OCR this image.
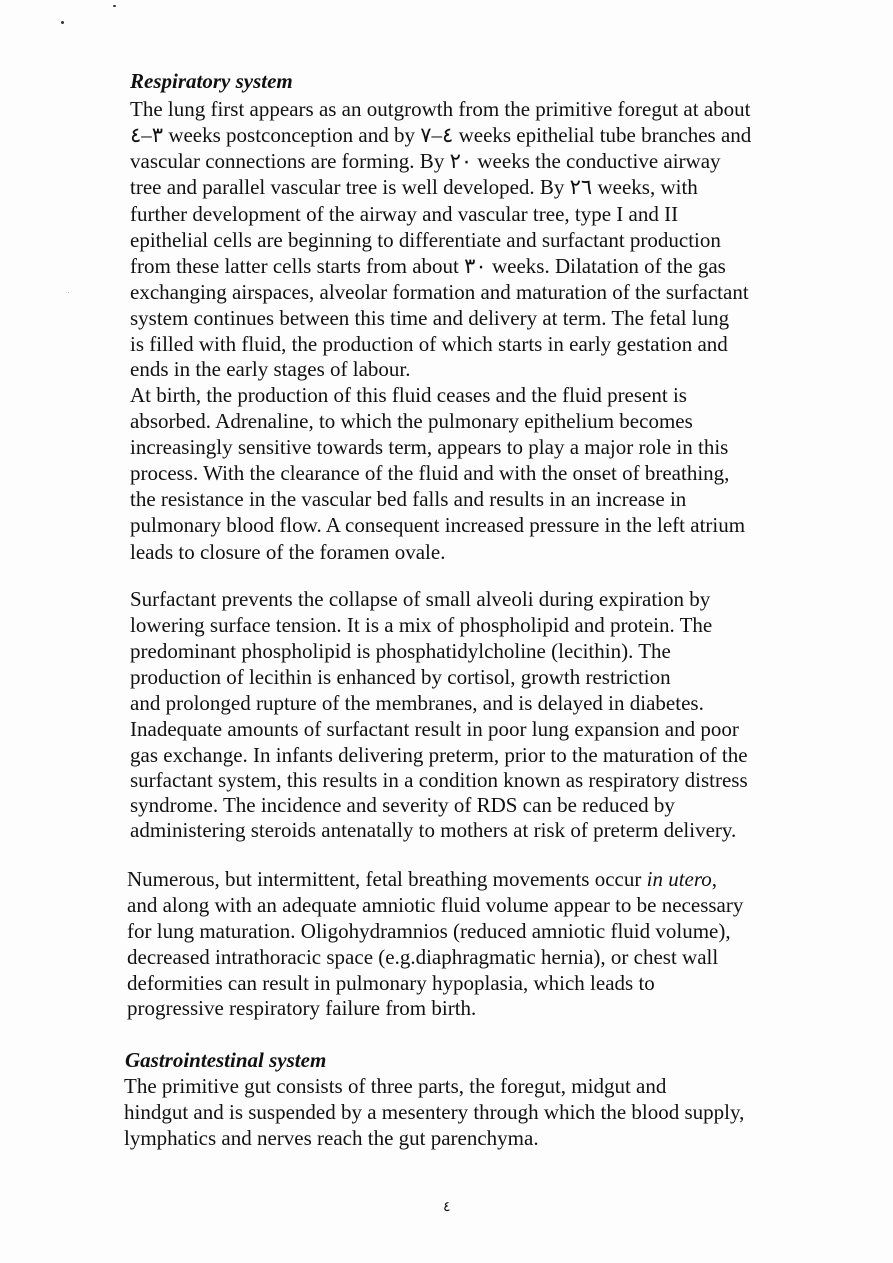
Respiratory system
The lung first appears as an outgrowth from the primitive foregut at about
٣–٤ weeks postconception and by ٤–٧ weeks epithelial tube branches and
vascular connections are forming. By ٢٠ weeks the conductive airway
tree and parallel vascular tree is well developed. By ٢٦ weeks, with
further development of the airway and vascular tree, type I and II
epithelial cells are beginning to differentiate and surfactant production
from these latter cells starts from about ٣٠ weeks. Dilatation of the gas
exchanging airspaces, alveolar formation and maturation of the surfactant
system continues between this time and delivery at term. The fetal lung
is filled with fluid, the production of which starts in early gestation and
ends in the early stages of labour.
At birth, the production of this fluid ceases and the fluid present is
absorbed. Adrenaline, to which the pulmonary epithelium becomes
increasingly sensitive towards term, appears to play a major role in this
process. With the clearance of the fluid and with the onset of breathing,
the resistance in the vascular bed falls and results in an increase in
pulmonary blood flow. A consequent increased pressure in the left atrium
leads to closure of the foramen ovale.
Surfactant prevents the collapse of small alveoli during expiration by
lowering surface tension. It is a mix of phospholipid and protein. The
predominant phospholipid is phosphatidylcholine (lecithin). The
production of lecithin is enhanced by cortisol, growth restriction
and prolonged rupture of the membranes, and is delayed in diabetes.
Inadequate amounts of surfactant result in poor lung expansion and poor
gas exchange. In infants delivering preterm, prior to the maturation of the
surfactant system, this results in a condition known as respiratory distress
syndrome. The incidence and severity of RDS can be reduced by
administering steroids antenatally to mothers at risk of preterm delivery.
Numerous, but intermittent, fetal breathing movements occur in utero,
and along with an adequate amniotic fluid volume appear to be necessary
for lung maturation. Oligohydramnios (reduced amniotic fluid volume),
decreased intrathoracic space (e.g.diaphragmatic hernia), or chest wall
deformities can result in pulmonary hypoplasia, which leads to
progressive respiratory failure from birth.
Gastrointestinal system
The primitive gut consists of three parts, the foregut, midgut and
hindgut and is suspended by a mesentery through which the blood supply,
lymphatics and nerves reach the gut parenchyma.
٤
